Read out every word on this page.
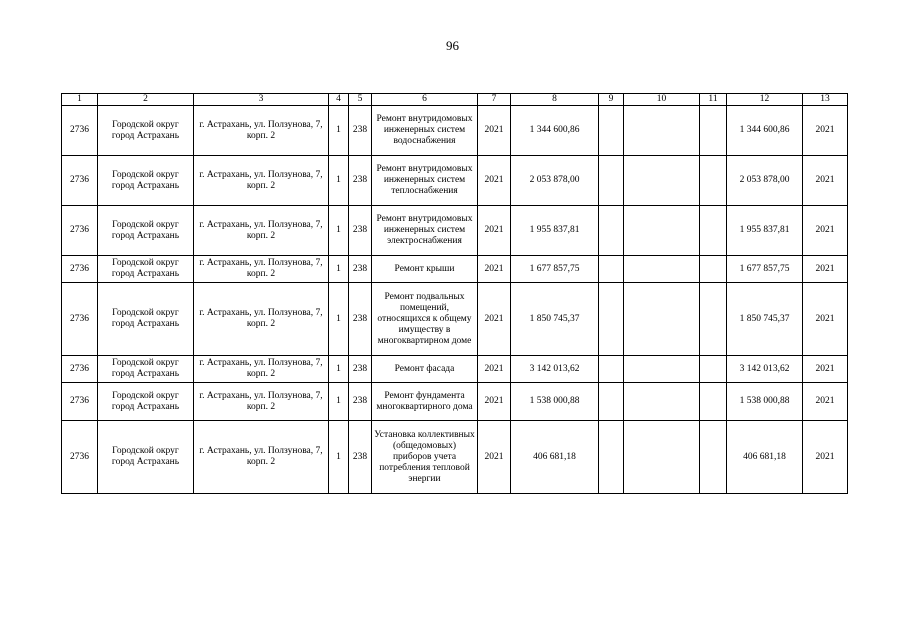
96
1	2	3	4	5	6	7	8	9	10	11	12	13
2736	Городской округ город Астрахань	г. Астрахань, ул. Ползунова, 7, корп. 2	1	238	Ремонт внутридомовых инженерных систем водоснабжения	2021	1 344 600,86				1 344 600,86	2021
2736	Городской округ город Астрахань	г. Астрахань, ул. Ползунова, 7, корп. 2	1	238	Ремонт внутридомовых инженерных систем теплоснабжения	2021	2 053 878,00				2 053 878,00	2021
2736	Городской округ город Астрахань	г. Астрахань, ул. Ползунова, 7, корп. 2	1	238	Ремонт внутридомовых инженерных систем электроснабжения	2021	1 955 837,81				1 955 837,81	2021
2736	Городской округ город Астрахань	г. Астрахань, ул. Ползунова, 7, корп. 2	1	238	Ремонт крыши	2021	1 677 857,75				1 677 857,75	2021
2736	Городской округ город Астрахань	г. Астрахань, ул. Ползунова, 7, корп. 2	1	238	Ремонт подвальных помещений, относящихся к общему имуществу в многоквартирном доме	2021	1 850 745,37				1 850 745,37	2021
2736	Городской округ город Астрахань	г. Астрахань, ул. Ползунова, 7, корп. 2	1	238	Ремонт фасада	2021	3 142 013,62				3 142 013,62	2021
2736	Городской округ город Астрахань	г. Астрахань, ул. Ползунова, 7, корп. 2	1	238	Ремонт фундамента многоквартирного дома	2021	1 538 000,88				1 538 000,88	2021
2736	Городской округ город Астрахань	г. Астрахань, ул. Ползунова, 7, корп. 2	1	238	Установка коллективных (общедомовых) приборов учета потребления тепловой энергии	2021	406 681,18				406 681,18	2021
